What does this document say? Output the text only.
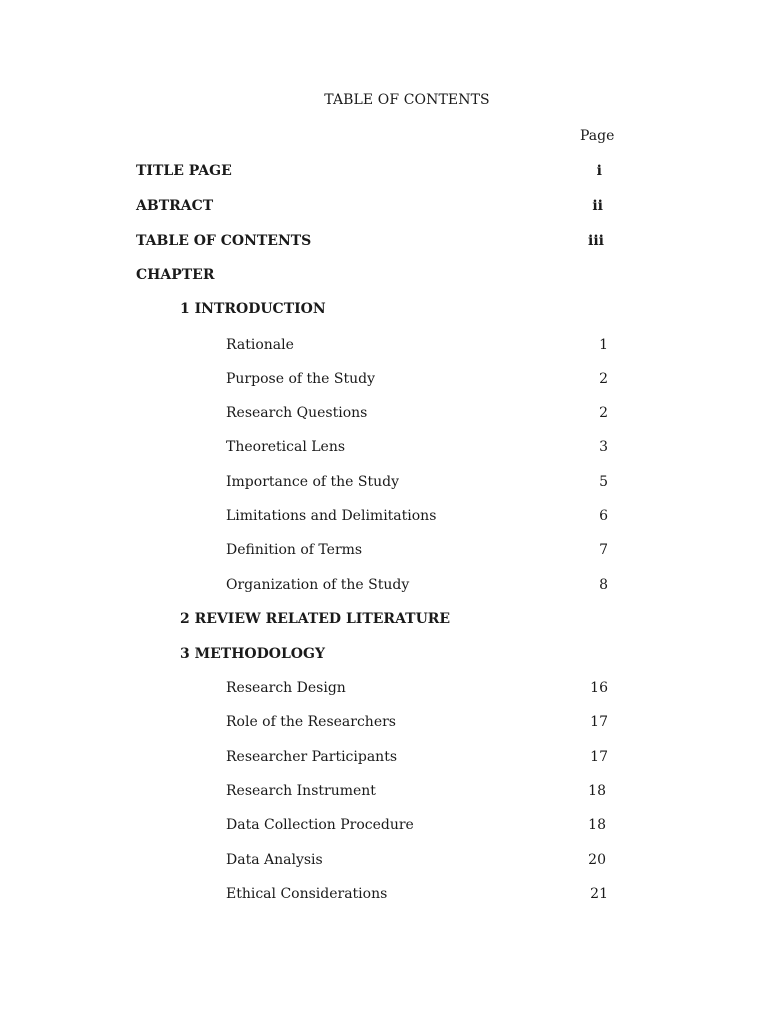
TABLE OF CONTENTS
Page
TITLE PAGE	i
ABTRACT	ii
TABLE OF CONTENTS	iii
CHAPTER
1 INTRODUCTION
Rationale	1
Purpose of the Study	2
Research Questions	2
Theoretical Lens	3
Importance of the Study	5
Limitations and Delimitations	6
Definition of Terms	7
Organization of the Study	8
2 REVIEW RELATED LITERATURE
3 METHODOLOGY
Research Design	16
Role of the Researchers	17
Researcher Participants	17
Research Instrument	18
Data Collection Procedure	18
Data Analysis	20
Ethical Considerations	21
